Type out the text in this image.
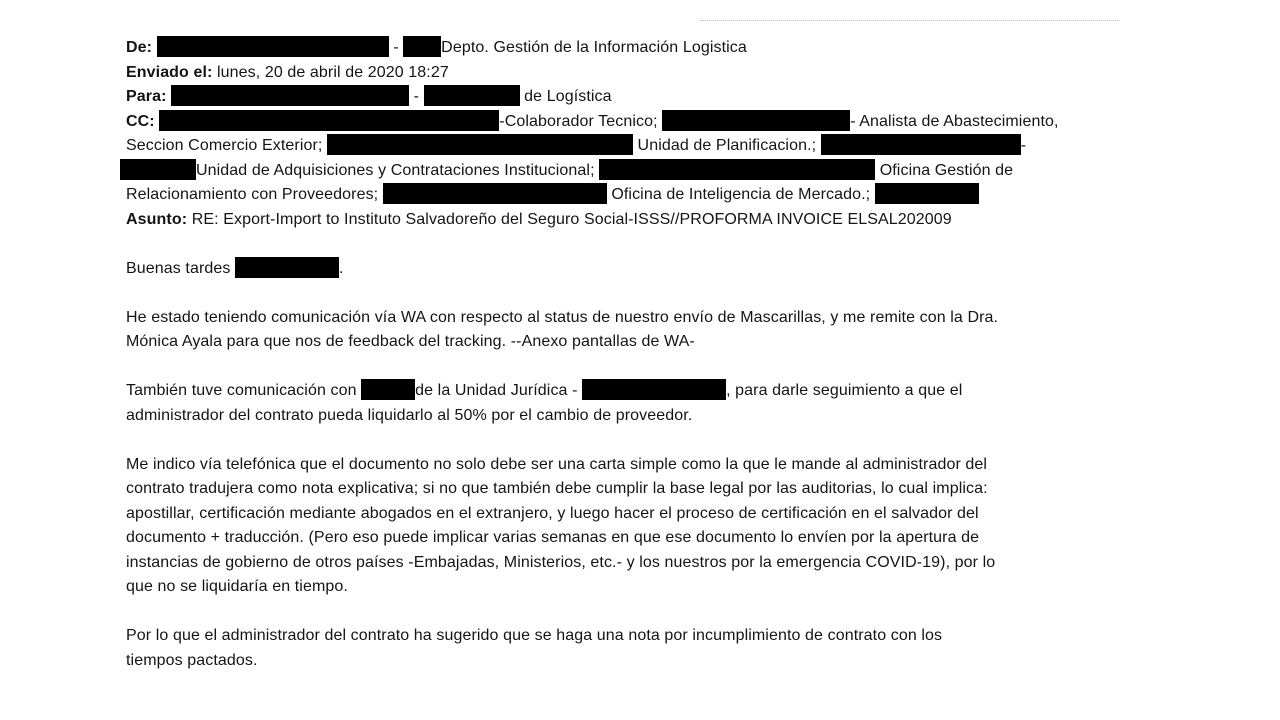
De:	-	Depto. Gestión de la Información Logistica
Enviado el: lunes, 20 de abril de 2020 18:27
Para:	-	de Logística
CC:	-Colaborador Tecnico;	- Analista de Abastecimiento,
Seccion Comercio Exterior;	Unidad de Planificacion.;	-
Unidad de Adquisiciones y Contrataciones Institucional;	Oficina Gestión de
Relacionamiento con Proveedores;	Oficina de Inteligencia de Mercado.;
Asunto: RE: Export-Import to Instituto Salvadoreño del Seguro Social-ISSS//PROFORMA INVOICE ELSAL202009
Buenas tardes	.
He estado teniendo comunicación vía WA con respecto al status de nuestro envío de Mascarillas, y me remite con la Dra.
Mónica Ayala para que nos de feedback del tracking. --Anexo pantallas de WA-
También tuve comunicación con	de la Unidad Jurídica -	, para darle seguimiento a que el
administrador del contrato pueda liquidarlo al 50% por el cambio de proveedor.
Me indico vía telefónica que el documento no solo debe ser una carta simple como la que le mande al administrador del
contrato tradujera como nota explicativa; si no que también debe cumplir la base legal por las auditorias, lo cual implica:
apostillar, certificación mediante abogados en el extranjero, y luego hacer el proceso de certificación en el salvador del
documento + traducción. (Pero eso puede implicar varias semanas en que ese documento lo envíen por la apertura de
instancias de gobierno de otros países -Embajadas, Ministerios, etc.- y los nuestros por la emergencia COVID-19), por lo
que no se liquidaría en tiempo.
Por lo que el administrador del contrato ha sugerido que se haga una nota por incumplimiento de contrato con los
tiempos pactados.
